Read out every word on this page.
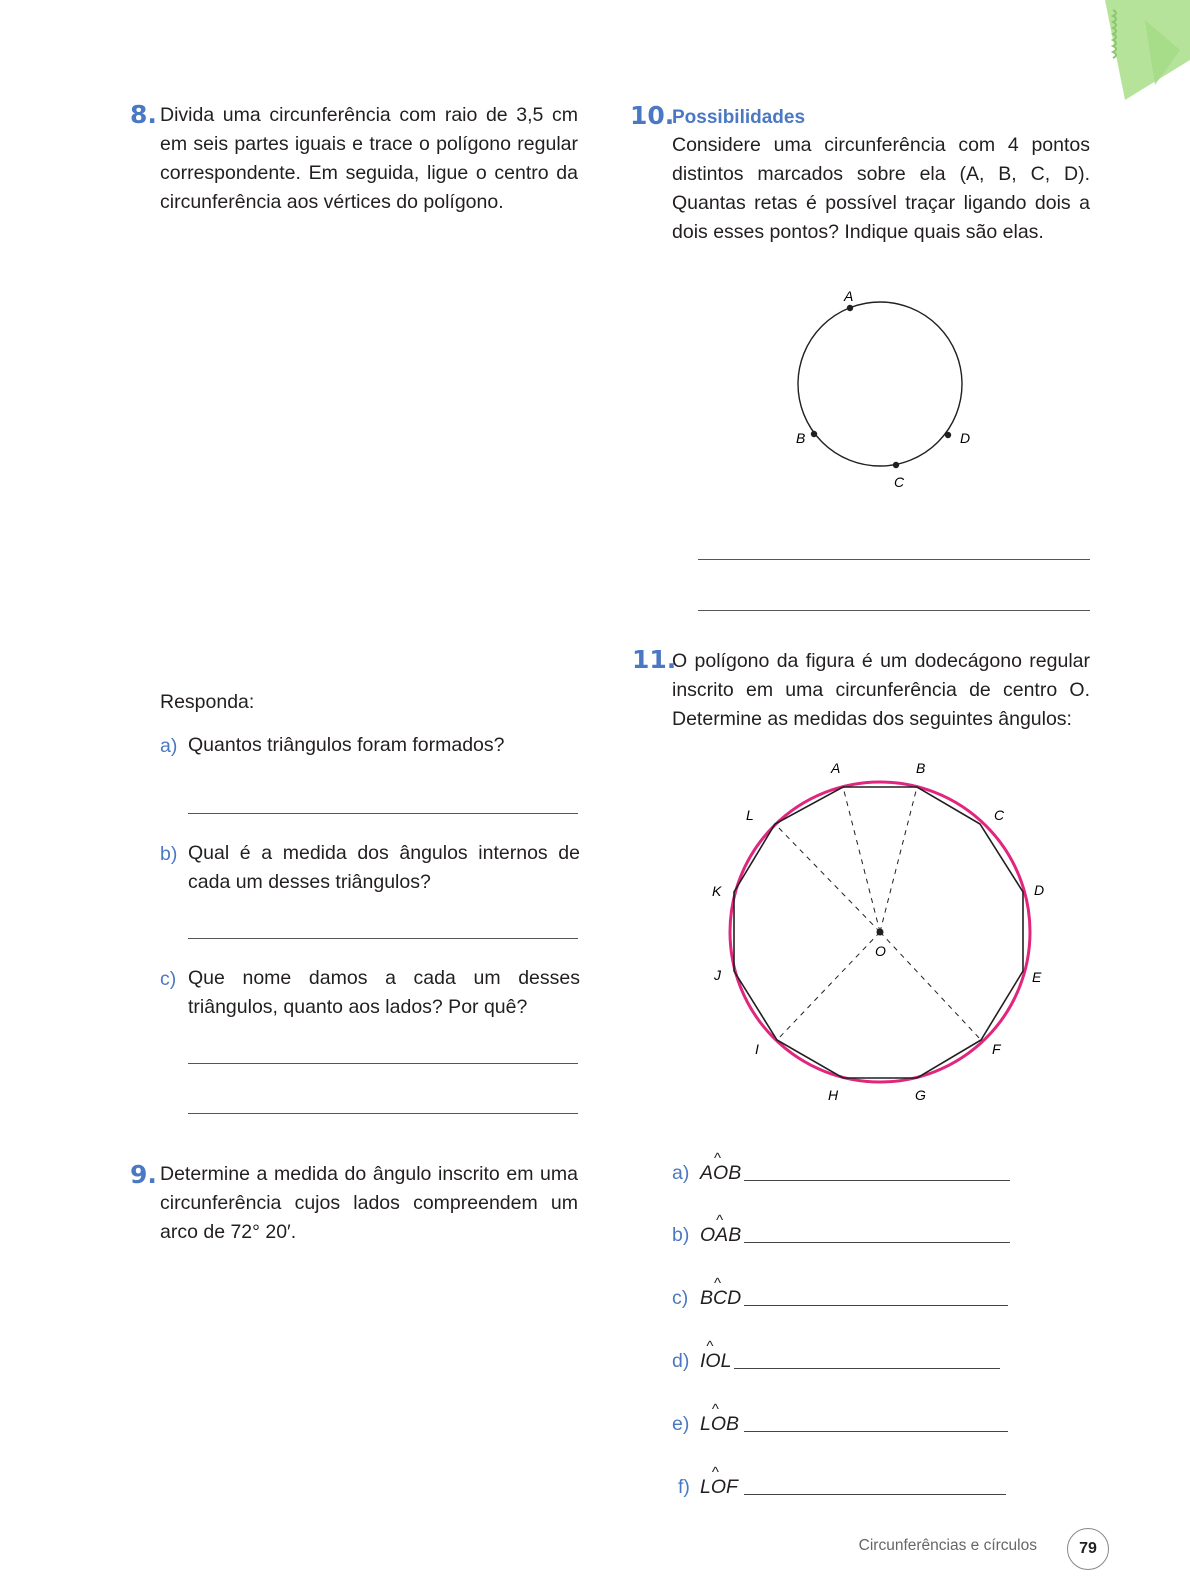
8. Divida uma circunferência com raio de 3,5 cm em seis partes iguais e trace o polígono regular correspondente. Em seguida, ligue o centro da circunferência aos vértices do polígono.
Responda:
a) Quantos triângulos foram formados?
b) Qual é a medida dos ângulos internos de cada um desses triângulos?
c) Que nome damos a cada um desses triângulos, quanto aos lados? Por quê?
9. Determine a medida do ângulo inscrito em uma circunferência cujos lados compreendem um arco de 72° 20′.
10.
Possibilidades
Considere uma circunferência com 4 pontos distintos marcados sobre ela (A, B, C, D). Quantas retas é possível traçar ligando dois a dois esses pontos? Indique quais são elas.
A
B
C
D
11.
O polígono da figura é um dodecágono regular inscrito em uma circunferência de centro O. Determine as medidas dos seguintes ângulos:
O
A	B
C
D
E
F
G
H
I
J
K
L
a) AO ^B
b) OA ^B
c) BC ^D
d) IO ^L
e) LO ^B
f) LO ^F
Circunferências e círculos	79
